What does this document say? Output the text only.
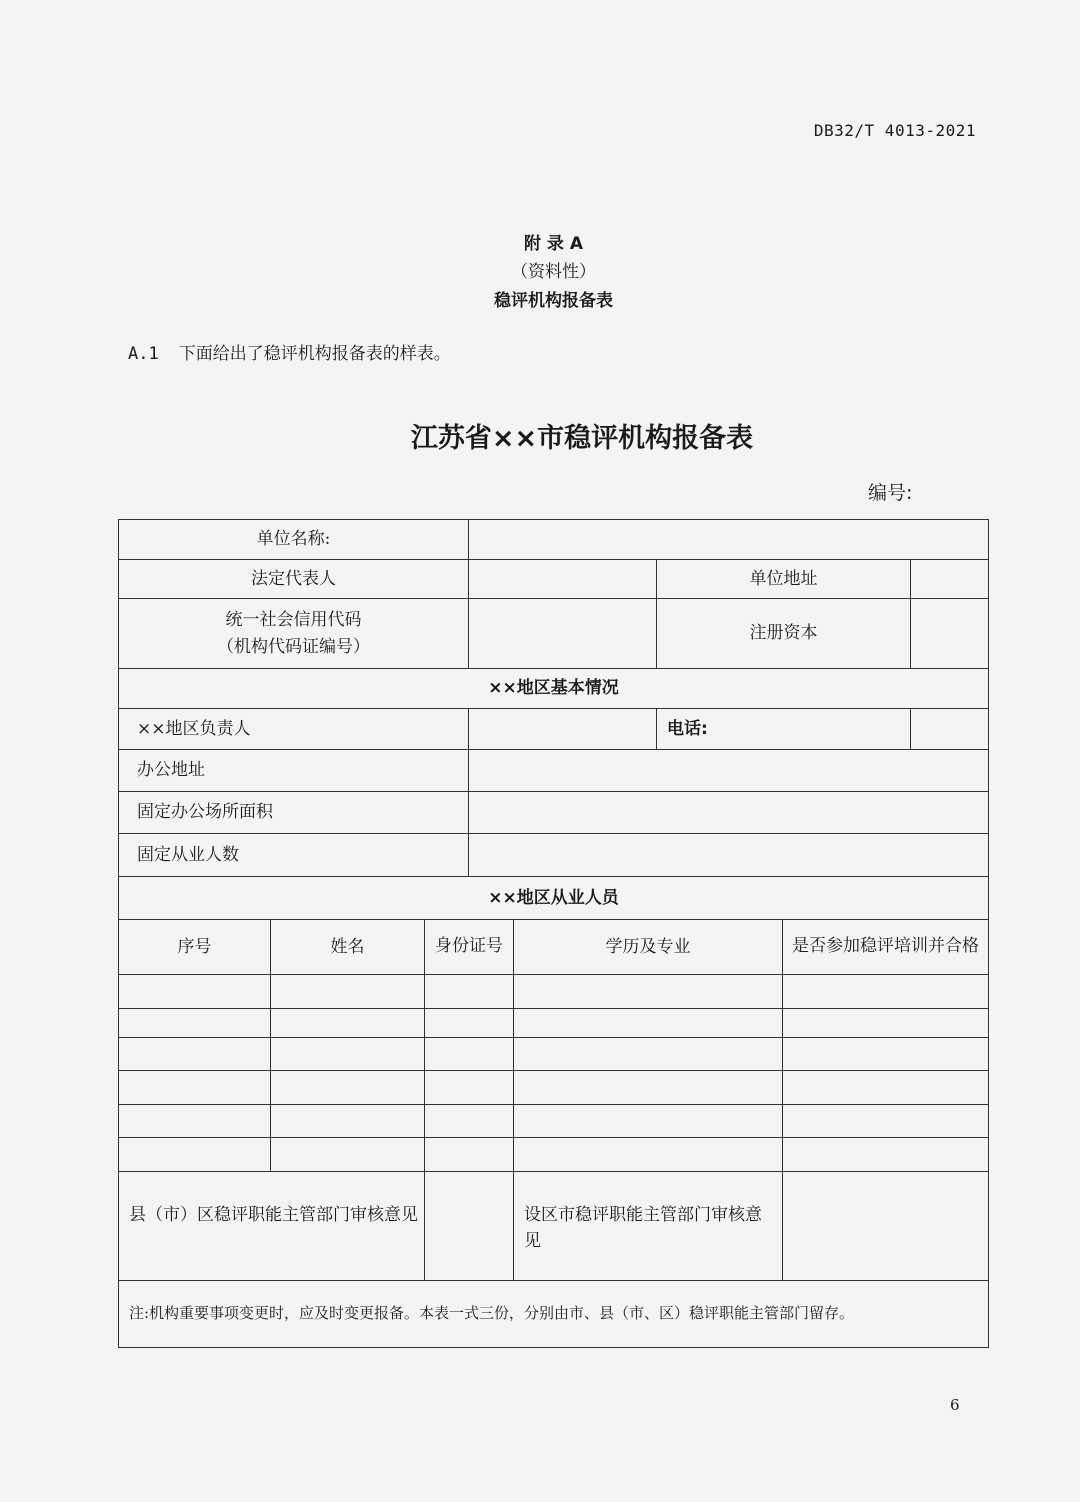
DB32/T 4013-2021
附 录 A
（资料性）
稳评机构报备表
A.1 下面给出了稳评机构报备表的样表。
江苏省××市稳评机构报备表
编号:
单位名称:							
法定代表人					单位地址		

统一社会信用代码
（机构代码证编号）					注册资本		
××地区基本情况							
××地区负责人					电话:		
办公地址							
固定办公场所面积							
固定从业人数							
××地区从业人员							
序号	姓名	身份证号		学历及专业		是否参加稳评培训并合格	

县（市）区稳评职能主管部门审核意见				设区市稳评职能主管部门审核意见			
注:机构重要事项变更时，应及时变更报备。本表一式三份，分别由市、县（市、区）稳评职能主管部门留存。							
6
